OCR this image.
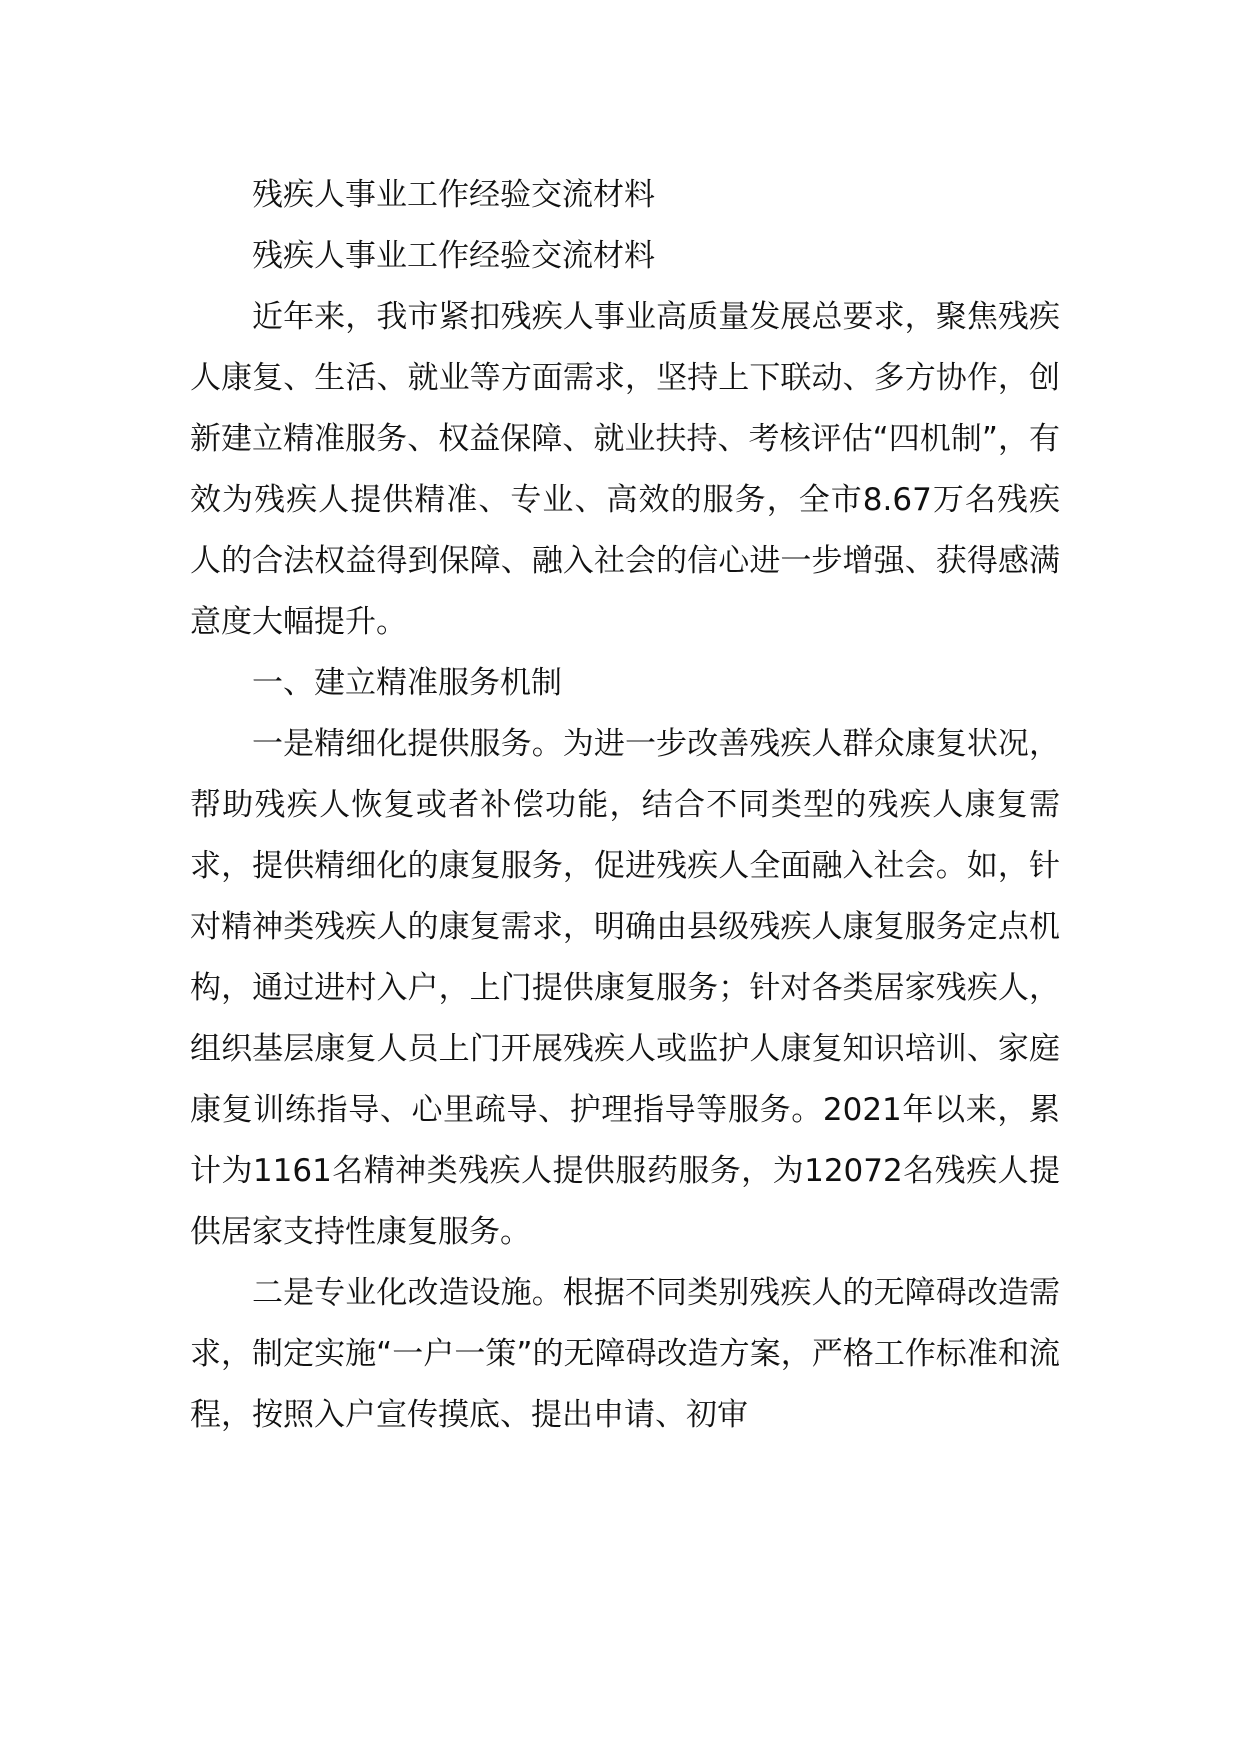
残疾人事业工作经验交流材料

残疾人事业工作经验交流材料

近年来，我市紧扣残疾人事业高质量发展总要求，聚焦残疾人康复、生活、就业等方面需求，坚持上下联动、多方协作，创新建立精准服务、权益保障、就业扶持、考核评估“四机制”，有效为残疾人提供精准、专业、高效的服务，全市8.67万名残疾人的合法权益得到保障、融入社会的信心进一步增强、获得感满意度大幅提升。

一、建立精准服务机制

一是精细化提供服务。为进一步改善残疾人群众康复状况，帮助残疾人恢复或者补偿功能，结合不同类型的残疾人康复需求，提供精细化的康复服务，促进残疾人全面融入社会。如，针对精神类残疾人的康复需求，明确由县级残疾人康复服务定点机构，通过进村入户，上门提供康复服务；针对各类居家残疾人，组织基层康复人员上门开展残疾人或监护人康复知识培训、家庭康复训练指导、心里疏导、护理指导等服务。2021年以来，累计为1161名精神类残疾人提供服药服务，为12072名残疾人提供居家支持性康复服务。

二是专业化改造设施。根据不同类别残疾人的无障碍改造需求，制定实施“一户一策”的无障碍改造方案，严格工作标准和流程，按照入户宣传摸底、提出申请、初审
